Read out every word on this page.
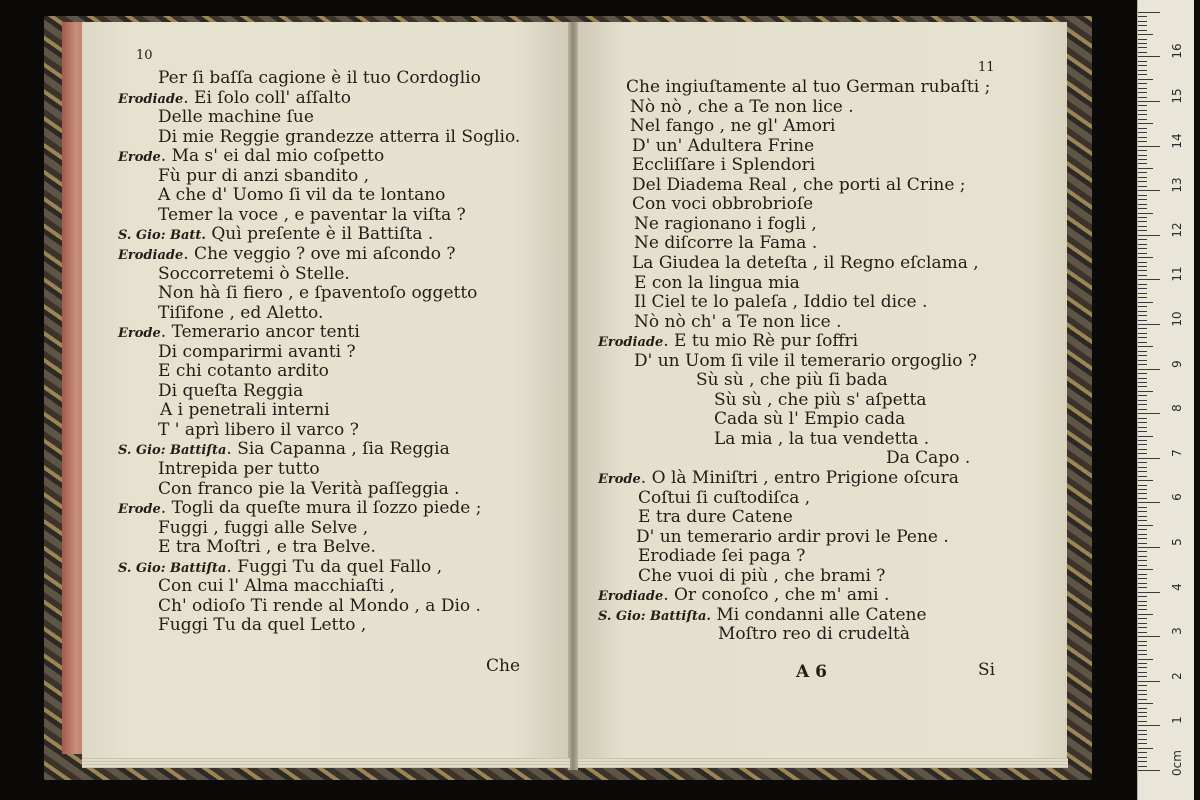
10
11
Per ſi baſſa cagione è il tuo Cordoglio
Erodiade. Ei ſolo coll' aſſalto
Delle machine ſue
Di mie Reggie grandezze atterra il Soglio.
Erode. Ma s' ei dal mio coſpetto
Fù pur di anzi sbandito ,
A che d' Uomo ſi vil da te lontano
Temer la voce , e paventar la viſta ?
S. Gio: Batt. Quì preſente è il Battiſta .
Erodiade. Che veggio ? ove mi aſcondo ?
Soccorretemi ò Stelle.
Non hà ſi fiero , e ſpaventoſo oggetto
Tiſifone , ed Aletto.
Erode. Temerario ancor tenti
Di comparirmi avanti ?
E chi cotanto ardito
Di queſta Reggia
A i penetrali interni
T ' aprì libero il varco ?
S. Gio: Battiſta. Sia Capanna , ſia Reggia
Intrepida per tutto
Con franco pie la Verità paſſeggia .
Erode. Togli da queſte mura il ſozzo piede ;
Fuggi , fuggi alle Selve ,
E tra Moſtri , e tra Belve.
S. Gio: Battiſta. Fuggi Tu da quel Fallo ,
Con cui l' Alma macchiaſti ,
Ch' odioſo Ti rende al Mondo , a Dio .
Fuggi Tu da quel Letto ,
Che ingiuſtamente al tuo German rubaſti ;
Nò nò , che a Te non lice .
Nel fango , ne gl' Amori
D' un' Adultera Frine
Eccliſſare i Splendori
Del Diadema Real , che porti al Crine ;
Con voci obbrobrioſe
Ne ragionano i fogli ,
Ne diſcorre la Fama .
La Giudea la deteſta , il Regno eſclama ,
E con la lingua mia
Il Ciel te lo paleſa , Iddio tel dice .
Nò nò ch' a Te non lice .
Erodiade. E tu mio Rè pur ſoffri
D' un Uom ſi vile il temerario orgoglio ?
Sù sù , che più ſi bada
Sù sù , che più s' aſpetta
Cada sù l' Empio cada
La mia , la tua vendetta .
Da Capo .
Erode. O là Miniſtri , entro Prigione oſcura
Coſtui ſi cuſtodiſca ,
E tra dure Catene
D' un temerario ardir provi le Pene .
Erodiade ſei paga ?
Che vuoi di più , che brami ?
Erodiade. Or conoſco , che m' ami .
S. Gio: Battiſta. Mi condanni alle Catene
Moſtro reo di crudeltà
Che	A 6	Si
0cm
1
2
3
4
5
6
7
8
9
10
11
12
13
14
15
16
